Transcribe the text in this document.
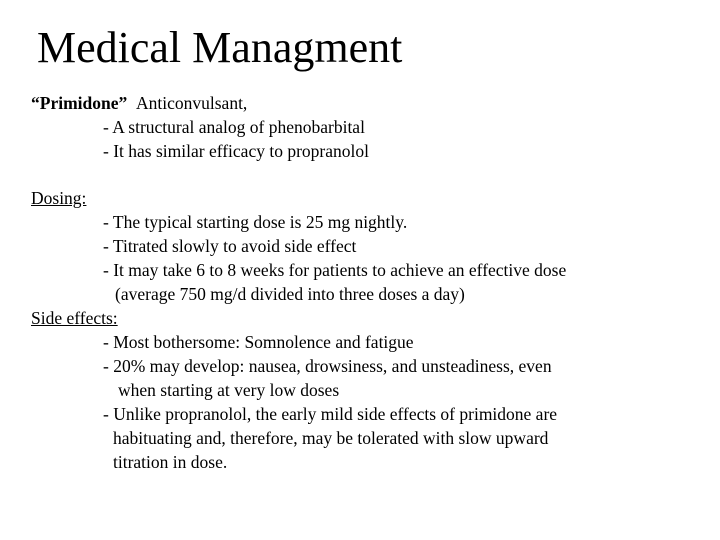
Medical Managment
“Primidone” Anticonvulsant,
- A structural analog of phenobarbital
- It has similar efficacy to propranolol
Dosing:
- The typical starting dose is 25 mg nightly.
- Titrated slowly to avoid side effect
- It may take 6 to 8 weeks for patients to achieve an effective dose
(average 750 mg/d divided into three doses a day)
Side effects:
- Most bothersome: Somnolence and fatigue
- 20% may develop: nausea, drowsiness, and unsteadiness, even
when starting at very low doses
- Unlike propranolol, the early mild side effects of primidone are
habituating and, therefore, may be tolerated with slow upward
titration in dose.
